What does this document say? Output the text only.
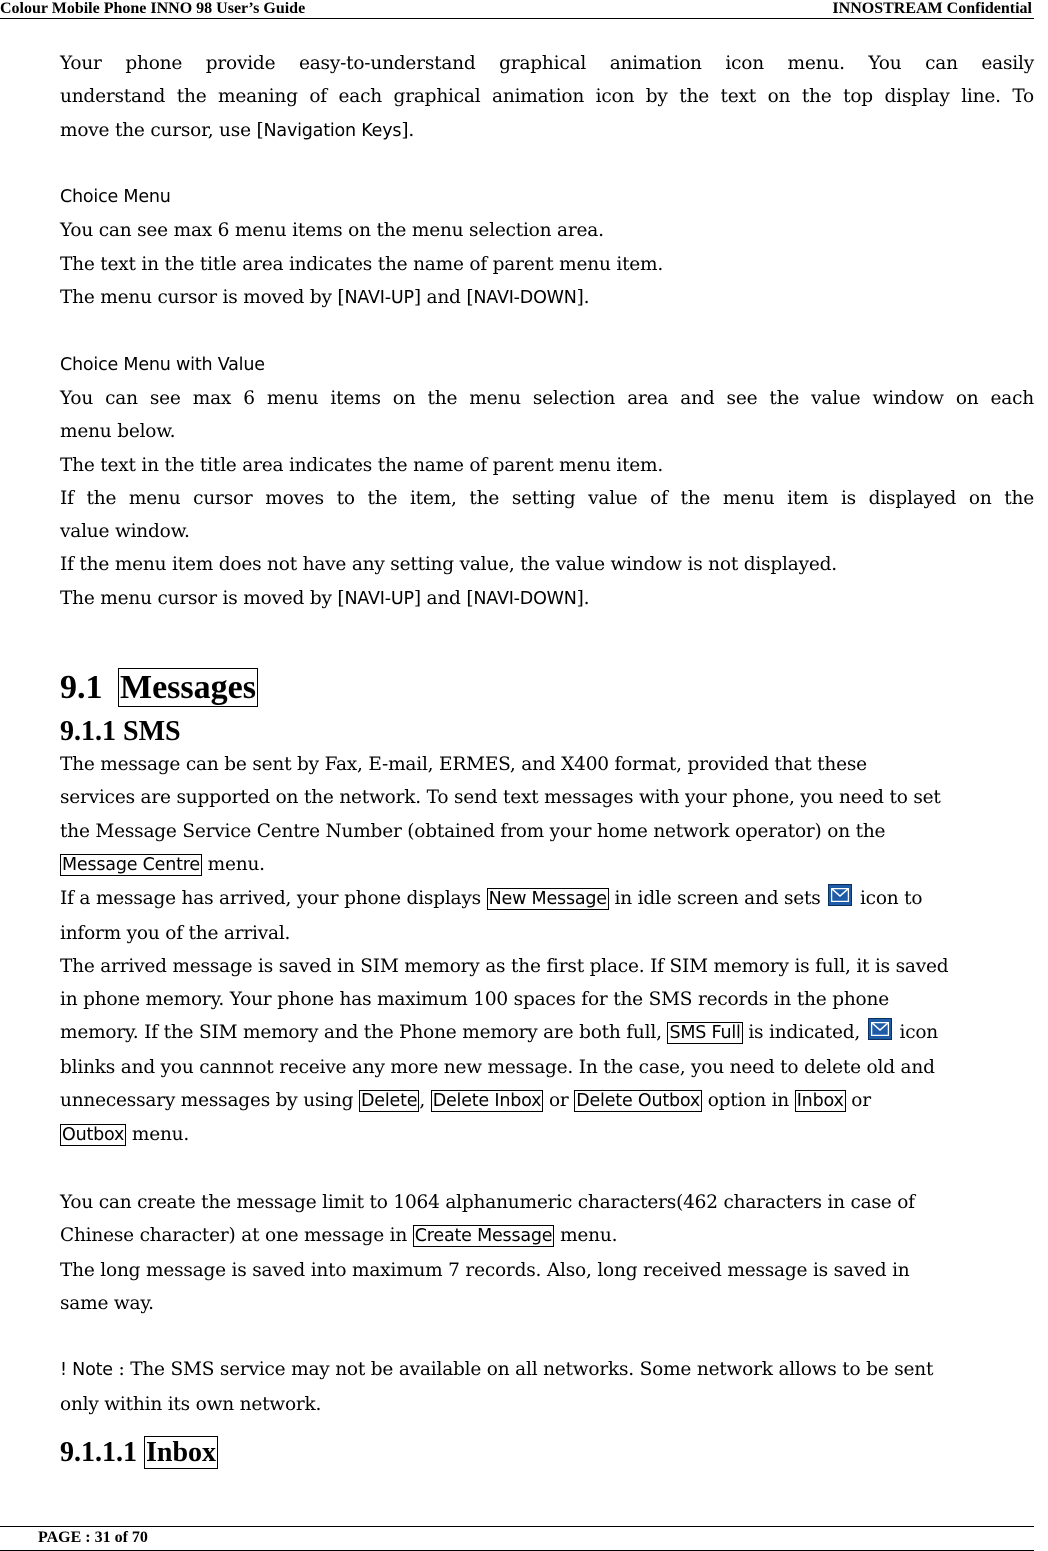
Colour Mobile Phone INNO 98 User’s Guide	INNOSTREAM Confidential

Your phone provide easy-to-understand graphical animation icon menu. You can easily

understand the meaning of each graphical animation icon by the text on the top display line. To

move the cursor, use [Navigation Keys].

Choice Menu

You can see max 6 menu items on the menu selection area.

The text in the title area indicates the name of parent menu item.

The menu cursor is moved by [NAVI-UP] and [NAVI-DOWN].

Choice Menu with Value

You can see max 6 menu items on the menu selection area and see the value window on each

menu below.

The text in the title area indicates the name of parent menu item.

If the menu cursor moves to the item, the setting value of the menu item is displayed on the

value window.

If the menu item does not have any setting value, the value window is not displayed.

The menu cursor is moved by [NAVI-UP] and [NAVI-DOWN].

9.1 Messages
9.1.1 SMS

The message can be sent by Fax, E-mail, ERMES, and X400 format, provided that these

services are supported on the network. To send text messages with your phone, you need to set

the Message Service Centre Number (obtained from your home network operator) on the

Message Centre menu.

If a message has arrived, your phone displays New Message in idle screen and sets
icon to

inform you of the arrival.

The arrived message is saved in SIM memory as the first place. If SIM memory is full, it is saved

in phone memory. Your phone has maximum 100 spaces for the SMS records in the phone

memory. If the SIM memory and the Phone memory are both full, SMS Full is indicated,
icon

blinks and you cannnot receive any more new message. In the case, you need to delete old and

unnecessary messages by using Delete , Delete Inbox or Delete Outbox option in Inbox or

Outbox menu.

You can create the message limit to 1064 alphanumeric characters(462 characters in case of

Chinese character) at one message in Create Message menu.

The long message is saved into maximum 7 records. Also, long received message is saved in

same way.

! Note : The SMS service may not be available on all networks. Some network allows to be sent

only within its own network.

9.1.1.1 Inbox
PAGE : 31 of 70
